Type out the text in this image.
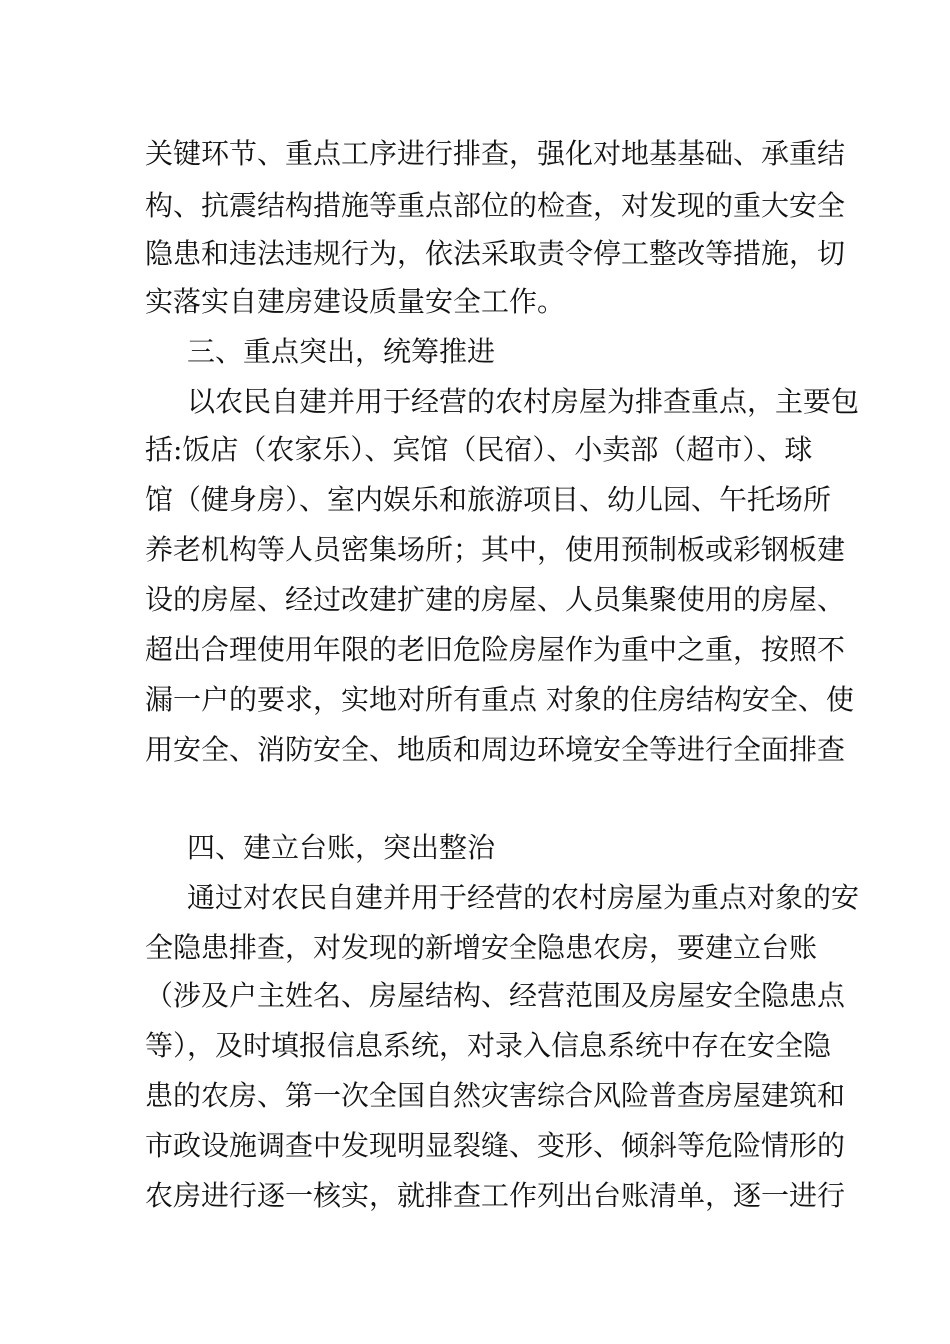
关键环节、重点工序进行排查，强化对地基基础、承重结
构、抗震结构措施等重点部位的检查，对发现的重大安全
隐患和违法违规行为，依法采取责令停工整改等措施，切
实落实自建房建设质量安全工作。
三、重点突出，统筹推进
以农民自建并用于经营的农村房屋为排查重点，主要包
括:饭店（农家乐）、宾馆（民宿）、小卖部（超市）、球
馆（健身房）、室内娱乐和旅游项目、幼儿园、午托场所
养老机构等人员密集场所；其中，使用预制板或彩钢板建
设的房屋、经过改建扩建的房屋、人员集聚使用的房屋、
超出合理使用年限的老旧危险房屋作为重中之重，按照不
漏一户的要求，实地对所有重点 对象的住房结构安全、使
用安全、消防安全、地质和周边环境安全等进行全面排查
四、建立台账，突出整治
通过对农民自建并用于经营的农村房屋为重点对象的安
全隐患排查，对发现的新增安全隐患农房，要建立台账
（涉及户主姓名、房屋结构、经营范围及房屋安全隐患点
等），及时填报信息系统，对录入信息系统中存在安全隐
患的农房、第一次全国自然灾害综合风险普查房屋建筑和
市政设施调查中发现明显裂缝、变形、倾斜等危险情形的
农房进行逐一核实，就排查工作列出台账清单，逐一进行
